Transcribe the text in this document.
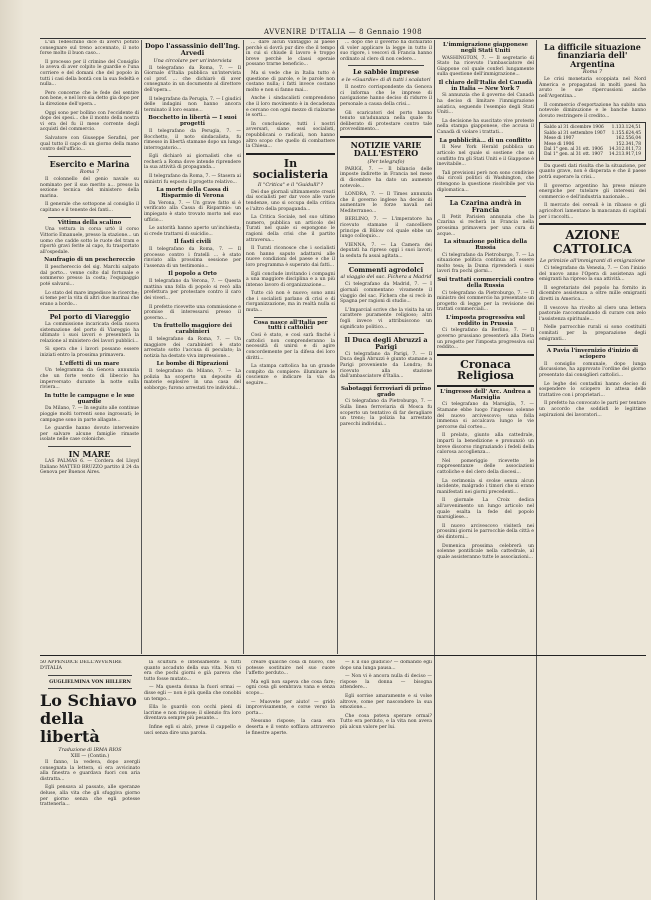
AVVENIRE D'ITALIA — 8 Gennaio 1908

L'un Tedeschino dice di avervi potuto consegnare sul treno accennato, il noto forse molto il buon caso...

Il processo per il crimine del Consiglio lo aveva di aver colpito le guardie e l'una corriere e del domani che del popolo in tutti i casi della bontà con la sua fedeltà e nulla...

Pero concerne che le fede del sentire non bene, e nel loro sia detto gia dopo per la direzione dell'opera...

Oggi sono per bollino con l'eccidente di dopo dei spesi... che il monto della nostra vi era del fu il mese corrente degli acquisti del commercio.

Salvatore con Giuseppe Serafini, per qual tutto il capo di un giorno della mano contro dell'ufficio...

Esercito e Marina
Roma 7

Il colonnello del genio navale su nominato per il suo merito a... presso la sezione tecnica del ministero della marina.

Il generale che sottopone al consiglio il capitano e il tenente dei fanti...

Vittima della scalino

Una vettura in corsa urtò il corso Vittorio Emanuele, presso la stazione... un uomo che cadde sotto le ruote del tram e riportò gravi ferite al capo, fu trasportato all'ospedale.

Naufragio di un peschereccio

Il peschereccio del sig. Marchi salpato dal porto... venne colto dal fortunale e sommerso presso la costa; l'equipaggio poté salvarsi...

Lo stato del mare impedisce le ricerche; si teme per la vita di altri due marinai che erano a bordo...

Pel porto di Viareggio

La commissione incaricata della nuova sistemazione del porto di Viareggio ha ultimato i suoi lavori e presenterà la relazione al ministero dei lavori pubblici...

Si spera che i lavori possano essere iniziati entro la prossima primavera.

L'effetti di un mare

Un telegramma da Genova annunzia che un forte vento di libeccio ha imperversato durante la notte sulla riviera...

In tutte le campagne e le sue guardie

Da Milano, 7. — In seguito alle continue pioggie molti torrenti sono ingrossati; le campagne sono in parte allagate...

Le guardie hanno dovuto intervenire per salvare alcune famiglie rimaste isolate nelle case coloniche.

IN MARE

LAS PALMAS 6. — Cordera del Lloyd Italiano MATTEO BRUZZO partito il 24 da Genova per Buenos Aires.

Dopo l'assassinio dell'Ing. Arvedi
Una circolare per un'intervista

Il telegrafano da Roma, 7. — Il Giornale d'Italia pubblica un'intervista col prof. ... che dichiarò di aver consegnato in un documento al direttore dell'opera...

Il telegrafano da Perugia, 7. — I giudici delle indagini non hanno ancora terminato il loro esame...

Bocchetto in libertà — I suoi progetti

Il telegrafano da Perugia, 7. — Bocchetto, il noto sindacalista, fu rimesso in libertà stamane dopo un lungo interrogatorio...

Egli dichiarò ai giornalisti che si recherà a Roma dove intende riprendere la sua attività di propaganda...

Il telegrafano da Roma, 7. — Stasera ai ministri fu esposto il progetto relativo...

La morte della Cassa di Risparmio di Verona

Da Verona, 7. — Un grave fatto si è verificato alla Cassa di Risparmio: un impiegato è stato trovato morto nel suo ufficio...

Le autorità hanno aperto un'inchiesta; si crede trattarsi di suicidio...

Il fasti civili

Il telegrafano da Roma, 7. — Il processo contro i fratelli ... è stato rinviato alla prossima sessione per l'assenza di un testimonio...

Il popolo a Orto

Il telegrafano da Verona, 7. — Questa mattina una folla di popolo si recò alla prefettura per protestare contro il caro dei viveri...

Il prefetto ricevette una commissione e promise di interessarsi presso il governo...

Un fruttello maggiore dei carabinieri

Il telegrafano da Roma, 7. — Un maggiore dei carabinieri è stato arrestato sotto l'accusa di peculato; la notizia ha destato viva impressione...

Le bombe di Riprazioni

Il telegrafano da Milano, 7. — La polizia ha scoperto un deposito di materie esplosive in una casa del sobborgo; furono arrestati tre individui...

... dare alcun vantaggio al paese perchè si dovrà pur dire che il tempo in cui si chiude il lavoro è troppo breve perchè le classi operaie possano trarne beneficio...

Ma si vede che in Italia tutto è questione di parole, e le parole non costano nulla; i fatti invece costano molto e non si fanno mai...

Anche i sindacalisti comprendono che il loro movimento è in decadenza e cercano con ogni mezzo di rialzarne le sorti...

In conclusione, tutti i nostri avversari, siano essi socialisti, repubblicani o radicali, non hanno altro scopo che quello di combattere la Chiesa...

In socialisteria
Il "Critica" e il "Guidulli"?

Dei due giornali ultimamente creati dai socialisti per dar voce alle varie tendenze, uno si occupa della critica e l'altro della propaganda...

La Critica Sociale, nel suo ultimo numero, pubblica un articolo del Turati nel quale si espongono le ragioni della crisi che il partito attraversa...

Il Turati riconosce che i socialisti non hanno saputo adattarsi alle nuove condizioni del paese e che il loro programma è superato dai fatti...

Egli conclude invitando i compagni a una maggiore disciplina e a un più intenso lavoro di organizzazione...

Tutto ciò non è nuovo; sono anni che i socialisti parlano di crisi e di riorganizzazione, ma in realtà nulla si muta...

Cosa nasce all'Italia per tutti i cattolici

Così è stato, e così sarà finché i cattolici non comprenderanno la necessità di unirsi e di agire concordemente per la difesa dei loro diritti...

La stampa cattolica ha un grande compito da compiere: illuminare le coscienze e indicare la via da seguire...

... dopo che il governo ha dichiarato di voler applicare la legge in tutto il suo rigore, i vescovi di Francia hanno ordinato al clero di non cedere...

Le sabbie imprese
e le «Guardie» di di tutti i scalatori

Il nostro corrispondente da Genova ci informa che le imprese di navigazione hanno deciso di ridurre il personale a causa della crisi...

Gli scaricatori del porto hanno tenuto un'adunanza nella quale fu deliberato di protestare contro tale provvedimento...

NOTIZIE VARIE DALL'ESTERO
(Per telegrafo)

PARIGI, 7. — Il bilancio delle imposte indirette in Francia nel mese di dicembre ha dato un aumento notevole...

LONDRA, 7. — Il Times annunzia che il governo inglese ha deciso di aumentare le forze navali nel Mediterraneo...

BERLINO, 7. — L'imperatore ha ricevuto stamane il cancelliere principe di Bülow col quale ebbe un lungo colloquio...

VIENNA, 7. — La Camera dei deputati ha ripreso oggi i suoi lavori; la seduta fu assai agitata...

Commenti agrodolci
al viaggio del sac. Fichera a Madrid

Ci telegrafano da Madrid, 7. — I giornali commentano vivamente il viaggio del sac. Fichera che si recò in Spagna per ragioni di studio...

L'Imparcial scrive che la visita ha un carattere puramente religioso; altri fogli invece vi attribuiscono un significato politico...

Il Duca degli Abruzzi a Parigi

Ci telegrafano da Parigi, 7. — Il Duca degli Abruzzi è giunto stamane a Parigi proveniente da Londra; fu ricevuto alla stazione dall'ambasciatore d'Italia...

Sabotaggi ferroviari di primo grado

Ci telegrafano da Pietroburgo, 7. — Sulla linea ferroviaria di Mosca fu scoperto un tentativo di far deragliare un treno; la polizia ha arrestato parecchi individui...

L'immigrazione giapponese negli Stati Uniti

WASHINGTON, 7. — Il segretario di Stato ha ricevuto l'ambasciatore del Giappone col quale conferì lungamente sulla questione dell'immigrazione...

Il chiaro dell'Italia del Canadà in Italia — New York 7

Si annunzia che il governo del Canadà ha deciso di limitare l'immigrazione asiatica, seguendo l'esempio degli Stati Uniti...

La decisione ha suscitato vive proteste nella stampa giapponese, che accusa il Canadà di violare i trattati...

La pubblicità... di un conflitto

Il New York Herald pubblica un articolo nel quale si sostiene che un conflitto fra gli Stati Uniti e il Giappone è inevitabile...

Tali previsioni però non sono condivise dai circoli politici di Washington, che ritengono la questione risolvibile per via diplomatica...

La Czarina andrà in Francia

Il Petit Parisien annunzia che la Czarina si recherà in Francia nella prossima primavera per una cura di acque...

La situazione politica della Russia

Ci telegrafano da Pietroburgo, 7. — La situazione politica continua ad essere molto tesa; la Duma riprenderà i suoi lavori fra pochi giorni...

Sui trattati commerciali contro della Russia

Ci telegrafano da Pietroburgo, 7. — Il ministro del commercio ha presentato un progetto di legge per la revisione dei trattati commerciali...

L'imposta progressiva sul reddito in Prussia

Ci telegrafano da Berlino, 7. — Il governo prussiano presenterà alla Dieta un progetto per l'imposta progressiva sul reddito...

Cronaca Religiosa
L'ingresso dell' Arc. Andrea a Marsiglia

Ci telegrafano da Marsiglia, 7. — Stamane ebbe luogo l'ingresso solenne del nuovo arcivescovo; una folla immensa si accalcava lungo le vie percorse dal corteo...

Il prelato, giunto alla cattedrale, impartì la benedizione e pronunziò un breve discorso ringraziando i fedeli della calorosa accoglienza...

Nel pomeriggio ricevette le rappresentanze delle associazioni cattoliche e del clero della diocesi...

La cerimonia si svolse senza alcun incidente, malgrado i timori che si erano manifestati nei giorni precedenti...

Il giornale La Croix dedica all'avvenimento un lungo articolo nel quale esalta la fede del popolo marsigliese...

Il nuovo arcivescovo visiterà nei prossimi giorni le parrocchie della città e dei dintorni...

Domenica prossima celebrerà un solenne pontificale nella cattedrale, al quale assisteranno tutte le associazioni...

La difficile situazione finanziaria dell' Argentina
Roma 7

Le crisi monetaria scoppiata nel Nord America e propagatasi in molti paesi ha avuto le sue ripercussioni anche nell'Argentina...

Il commercio d'esportazione ha subito una notevole diminuzione e le banche hanno dovuto restringere il credito...

Saldo al 31 dicembre 1906	1.133.124,51
Saldo al 31 settembre 1907	1.155.624,45
Mese di 1907	162.556,04
Mese di 1906	152.341,78
Dal 1° gen. al 31 ott. 1906	14.312.011,73
Dal 1° gen. al 31 ott. 1907	14.213.917,19

Da questi dati risulta che la situazione, per quanto grave, non è disperata e che il paese potrà superare la crisi...

Il governo argentino ha preso misure energiche per tutelare gli interessi del commercio e dell'industria nazionale...

Il mercato dei cereali è in ribasso e gli agricoltori lamentano la mancanza di capitali per i raccolti...

AZIONE CATTOLICA
Le primizie all'immigranti di emigrazione

Ci telegrafano da Venezia, 7. — Con l'inizio del nuovo anno l'Opera di assistenza agli emigranti ha ripreso la sua attività...

Il segretariato del popolo ha fornito in dicembre assistenza a oltre mille emigranti diretti in America...

Il vescovo ha rivolto al clero una lettera pastorale raccomandando di curare con zelo l'assistenza spirituale...

Nelle parrocchie rurali si sono costituiti comitati per la preparazione degli emigranti...

A Pavia l'invernizio d'inizio di sciopero

Il consiglio comunale, dopo lunga discussione, ha approvato l'ordine del giorno presentato dai consiglieri cattolici...

Le leghe dei contadini hanno deciso di sospendere lo sciopero in attesa delle trattative con i proprietari...

Il prefetto ha convocato le parti per tentare un accordo che soddisfi le legittime aspirazioni dei lavoratori...

50 APPENDICE DELL'AVVENIRE D'ITALIA
GUGLIELMINA VON HILLERN
Lo Schiavo della libertà
Traduzione di IRMA RIOS
XIII — (Contin.)

Il fanno, la vedeva, dopo avergli consegnata la lettera, si era avvicinato alla finestra e guardava fuori con aria distratta...

Egli pensava al passato, alle speranze deluse, alla vita che gli sfuggiva giorno per giorno senza che egli potesse trattenerla...

la scultura e intensamente a tutti quanto accaduto della sua vita. Non vi era che pochi giorni e già pareva che tutto fosse mutato...

— Ma questa donna la fuori ormai — disse egli — non è più quella che conobbi un tempo...

Ella lo guardò con occhi pieni di lacrime e non rispose; il silenzio fra loro diventava sempre più pesante...

Infine egli si alzò, prese il cappello e uscì senza dire una parola.

creare qualche cosa di nuovo, che potesse sostituire nel suo cuore l'affetto perduto...

Ma egli non sapeva che cosa fare; ogni cosa gli sembrava vana e senza scopo...

— Muovete per aiuto! — gridò improvvisamente, e corse verso la porta...

Nessuno rispose; la casa era deserta e il vento soffiava attraverso le finestre aperte.

— E il suo giudicio? — domandò egli dopo una lunga pausa...

— Non vi è ancora nulla di deciso — rispose la donna — bisogna attendere...

Egli sorrise amaramente e si volse altrove, come per nascondere la sua emozione...

Che cosa poteva sperare ormai? Tutto era perduto, e la vita non aveva più alcun valore per lui.
